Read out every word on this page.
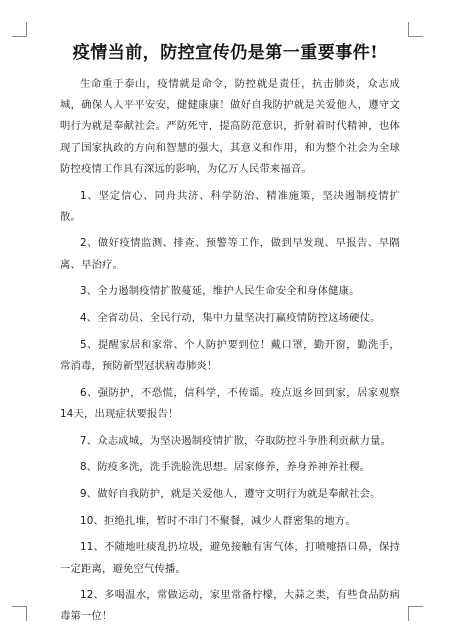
疫情当前，防控宣传仍是第一重要事件!

生命重于泰山，疫情就是命令，防控就是责任，抗击肺炎，众志成城，确保人人平平安安，健健康康！做好自我防护就是关爱他人，遵守文明行为就是奉献社会。严防死守，提高防范意识，折射着时代精神，也体现了国家执政的方向和智慧的强大，其意义和作用，和为整个社会为全球防控疫情工作具有深远的影响，为亿万人民带来福音。

1、坚定信心、同舟共济、科学防治、精准施策，坚决遏制疫情扩散。

2、做好疫情监测、排查、预警等工作，做到早发现、早报告、早隔离、早治疗。

3、全力遏制疫情扩散蔓延，维护人民生命安全和身体健康。

4、全省动员、全民行动，集中力量坚决打赢疫情防控这场硬仗。

5、提醒家居和家常、个人防护要到位！戴口罩，勤开窗，勤洗手，常消毒，预防新型冠状病毒肺炎！

6、强防护，不恐慌，信科学，不传谣。疫点返乡回到家，居家观察14天，出现症状要报告！

7、众志成城，为坚决遏制疫情扩散，夺取防控斗争胜利贡献力量。

8、防疫多洗，洗手洗脸洗思想。居家修养，养身养神养社稷。

9、做好自我防护，就是关爱他人，遵守文明行为就是奉献社会。

10、拒绝扎堆，暂时不串门不聚餐，减少人群密集的地方。

11、不随地吐痰乱扔垃圾，避免接触有害气体，打喷嚏捂口鼻，保持一定距离，避免空气传播。

12、多喝温水，常做运动，家里常备柠檬，大蒜之类，有些食品防病毒第一位！
